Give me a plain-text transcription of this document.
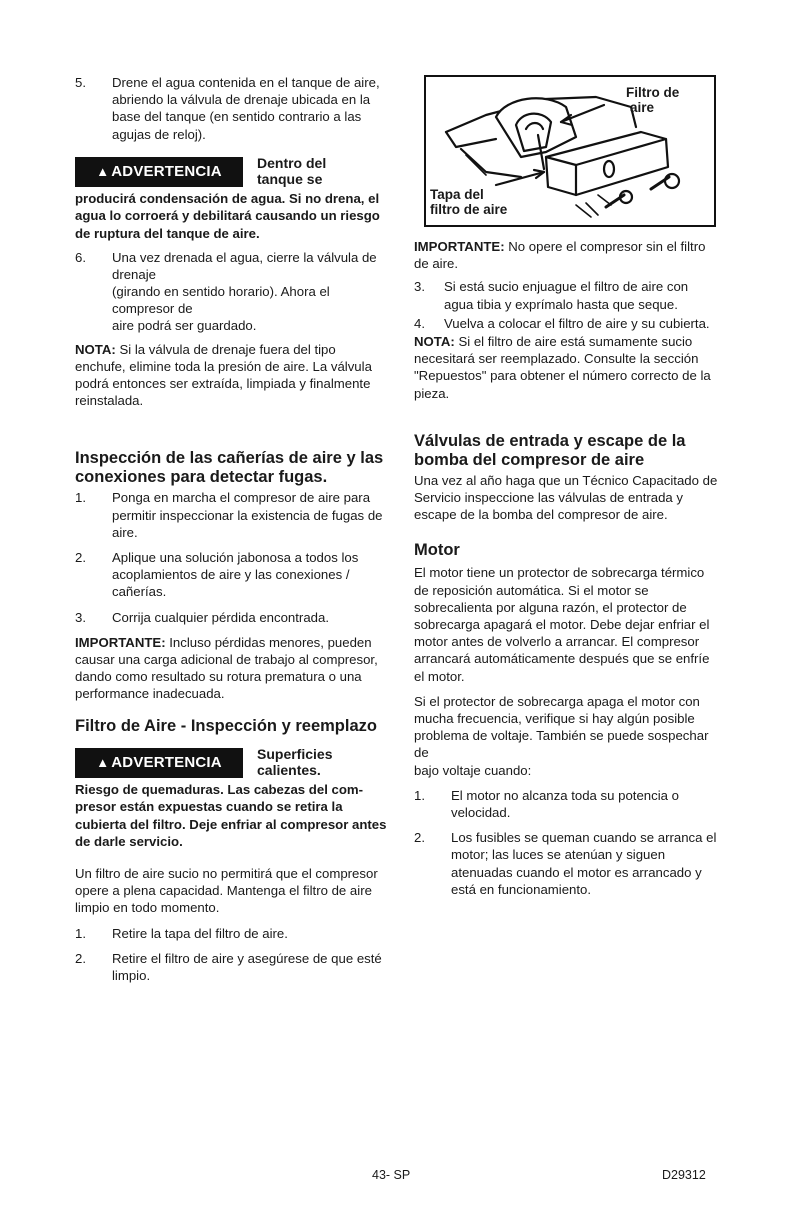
5.	Drene el agua contenida en el tanque de aire, abriendo la válvula de drenaje ubicada en la base del tanque (en sentido contrario a las agujas de reloj).
▲ ADVERTENCIA
Dentro del
tanque se

producirá condensación de agua. Si no drena, el agua lo corroerá y debilitará causando un riesgo de ruptura del tanque de aire.

6.	Una vez drenada el agua, cierre la válvula de drenaje
(girando en sentido horario). Ahora el compresor de
aire podrá ser guardado.

NOTA: Si la válvula de drenaje fuera del tipo enchufe, elimine toda la presión de aire. La válvula podrá entonces ser extraída, limpiada y finalmente reinstalada.

Inspección de las cañerías de aire y las conexiones para detectar fugas.
1.	Ponga en marcha el compresor de aire para permitir inspeccionar la existencia de fugas de aire.
2.	Aplique una solución jabonosa a todos los acoplamientos de aire y las conexiones / cañerías.
3.	Corrija cualquier pérdida encontrada.

IMPORTANTE: Incluso pérdidas menores, pueden causar una carga adicional de trabajo al compresor, dando como resultado su rotura prematura o una performance inadecuada.

Filtro de Aire - Inspección y reemplazo
▲ ADVERTENCIA
Superficies
calientes.

Riesgo de quemaduras. Las cabezas del com-presor están expuestas cuando se retira la cubierta del filtro. Deje enfriar al compresor antes de darle servicio.

Un filtro de aire sucio no permitirá que el compresor opere a plena capacidad. Mantenga el filtro de aire limpio en todo momento.

1.	Retire la tapa del filtro de aire.
2.	Retire el filtro de aire y asegúrese de que esté limpio.
Filtro de
aire
Tapa del
filtro de aire

IMPORTANTE: No opere el compresor sin el filtro de aire.

3.	Si está sucio enjuague el filtro de aire con agua tibia y exprímalo hasta que seque.
4.	Vuelva a colocar el filtro de aire y su cubierta.

NOTA: Si el filtro de aire está sumamente sucio necesitará ser reemplazado. Consulte la sección "Repuestos" para obtener el número correcto de la pieza.

Válvulas de entrada y escape de la bomba del compresor de aire

Una vez al año haga que un Técnico Capacitado de Servicio inspeccione las válvulas de entrada y escape de la bomba del compresor de aire.

Motor

El motor tiene un protector de sobrecarga térmico de reposición automática. Si el motor se sobrecalienta por alguna razón, el protector de sobrecarga apagará el motor. Debe dejar enfriar el motor antes de volverlo a arrancar. El compresor arrancará automáticamente después que se enfríe el motor.

Si el protector de sobrecarga apaga el motor con mucha frecuencia, verifique si hay algún posible
problema de voltaje. También se puede sospechar de
bajo voltaje cuando:

1.	El motor no alcanza toda su potencia o velocidad.
2.	Los fusibles se queman cuando se arranca el motor; las luces se atenúan y siguen atenuadas cuando el motor es arrancado y está en funcionamiento.
43- SP	D29312
